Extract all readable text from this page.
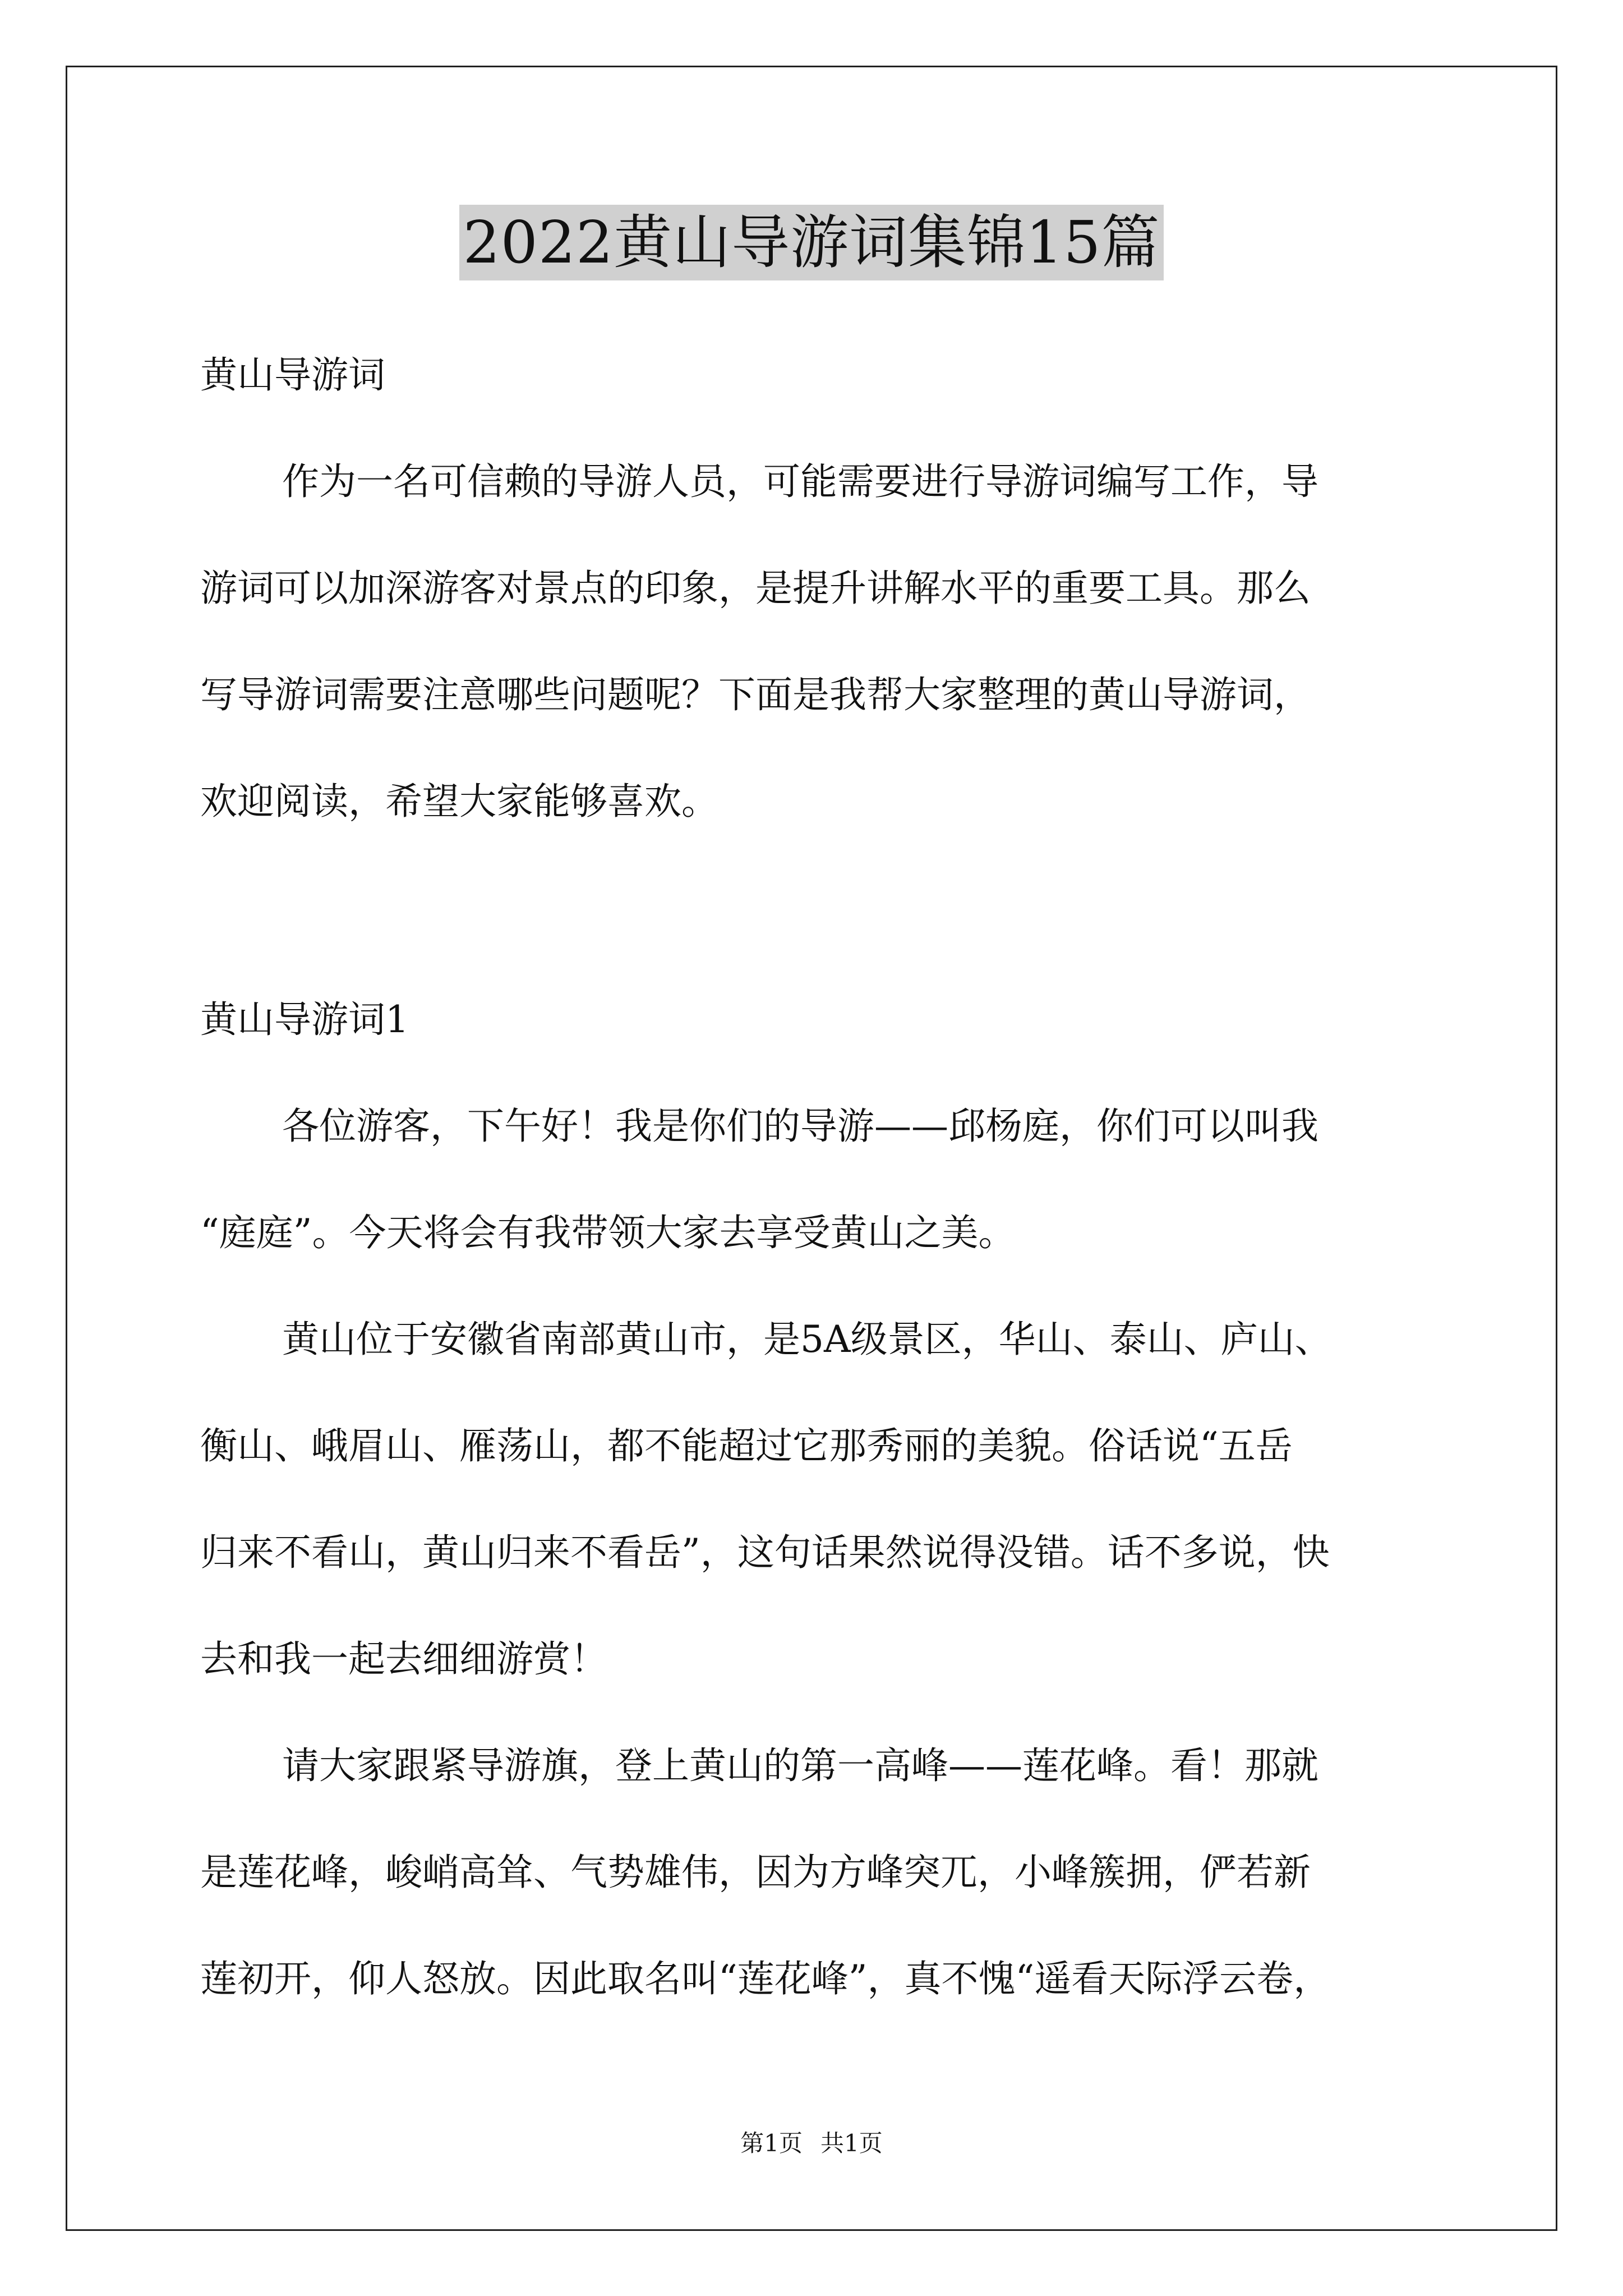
2022黄山导游词集锦15篇
黄山导游词
作为一名可信赖的导游人员，可能需要进行导游词编写工作，导
游词可以加深游客对景点的印象，是提升讲解水平的重要工具。那么
写导游词需要注意哪些问题呢？下面是我帮大家整理的黄山导游词，
欢迎阅读，希望大家能够喜欢。
黄山导游词1
各位游客，下午好！我是你们的导游——邱杨庭，你们可以叫我
“庭庭”。今天将会有我带领大家去享受黄山之美。
黄山位于安徽省南部黄山市，是5A级景区，华山、泰山、庐山、
衡山、峨眉山、雁荡山，都不能超过它那秀丽的美貌。俗话说“五岳
归来不看山，黄山归来不看岳”，这句话果然说得没错。话不多说，快
去和我一起去细细游赏！
请大家跟紧导游旗，登上黄山的第一高峰——莲花峰。看！那就
是莲花峰，峻峭高耸、气势雄伟，因为方峰突兀，小峰簇拥，俨若新
莲初开，仰人怒放。因此取名叫“莲花峰”，真不愧“遥看天际浮云卷，
第1页 共1页
